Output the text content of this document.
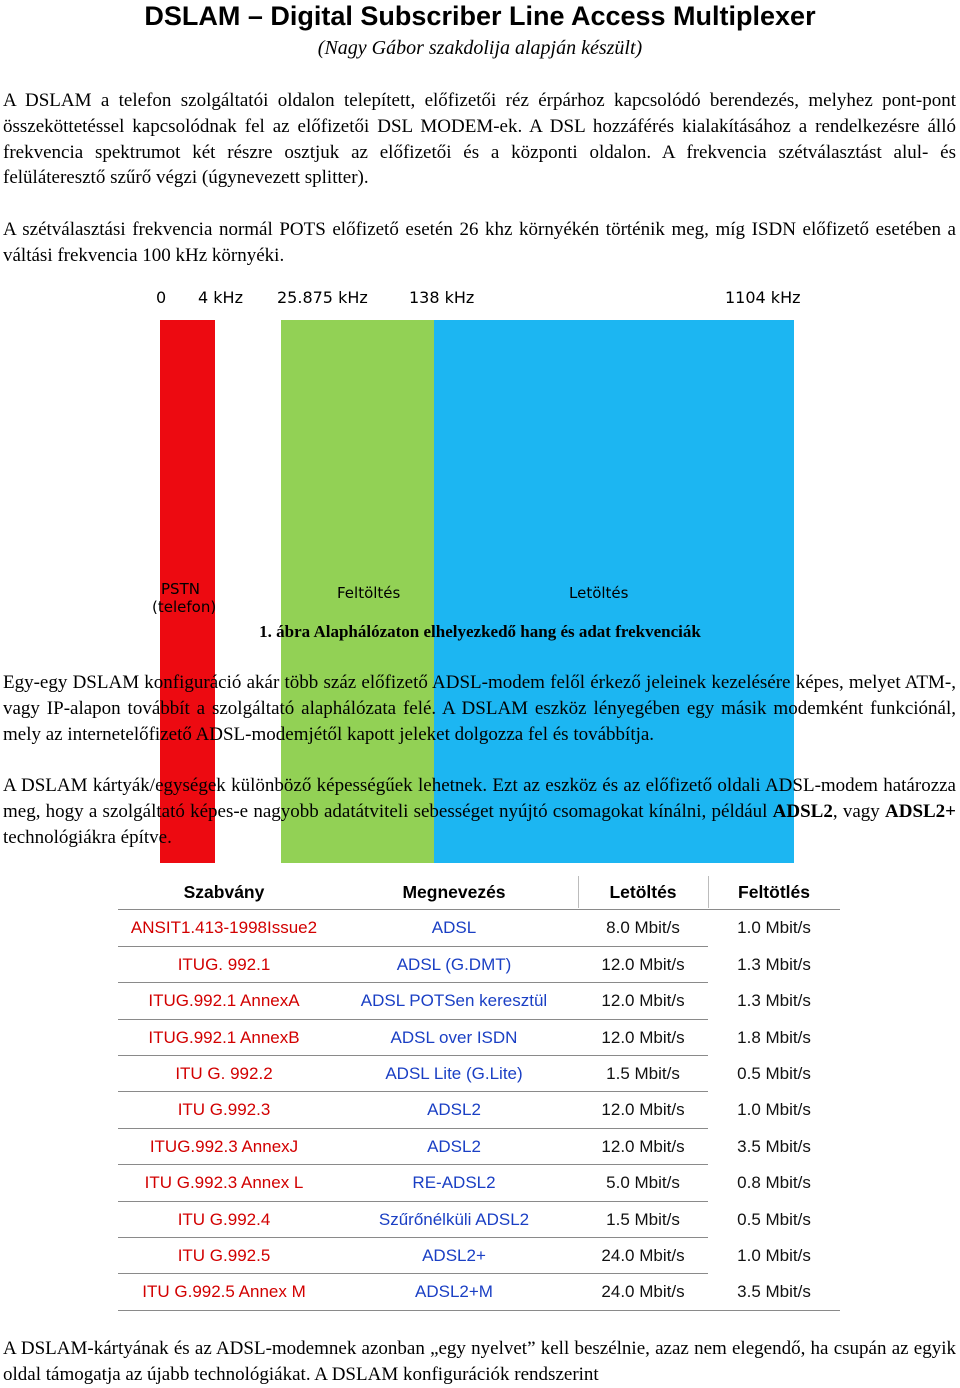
DSLAM – Digital Subscriber Line Access Multiplexer
(Nagy Gábor szakdolija alapján készült)
A DSLAM a telefon szolgáltatói oldalon telepített, előfizetői réz érpárhoz kapcsolódó berendezés, melyhez pont-pont összeköttetéssel kapcsolódnak fel az előfizetői DSL MODEM-ek. A DSL hozzáférés kialakításához a rendelkezésre álló frekvencia spektrumot két részre osztjuk az előfizetői és a központi oldalon. A frekvencia szétválasztást alul- és felüláteresztő szűrő végzi (úgynevezett splitter).
A szétválasztási frekvencia normál POTS előfizető esetén 26 khz környékén történik meg, míg ISDN előfizető esetében a váltási frekvencia 100 kHz környéki.
0 4 kHz 25.875 kHz	138 kHz	1104 kHz
PSTN
(telefon)
Feltöltés	Letöltés
1. ábra Alaphálózaton elhelyezkedő hang és adat frekvenciák
Egy-egy DSLAM konfiguráció akár több száz előfizető ADSL-modem felől érkező jeleinek kezelésére képes, melyet ATM-, vagy IP-alapon továbbít a szolgáltató alaphálózata felé. A DSLAM eszköz lényegében egy másik modemként funkciónál, mely az internetelőfizető ADSL-modemjétől kapott jeleket dolgozza fel és továbbítja.
A DSLAM kártyák/egységek különböző képességűek lehetnek. Ezt az eszköz és az előfizető oldali ADSL-modem határozza meg, hogy a szolgáltató képes-e nagyobb adatátviteli sebességet nyújtó csomagokat kínálni, például ADSL2, vagy ADSL2+ technológiákra építve.
Szabvány	Megnevezés	Letöltés	Feltötlés
ANSIT1.413-1998Issue2	ADSL	8.0 Mbit/s	1.0 Mbit/s
ITUG. 992.1	ADSL (G.DMT)	12.0 Mbit/s	1.3 Mbit/s
ITUG.992.1 AnnexA	ADSL POTSen keresztül	12.0 Mbit/s	1.3 Mbit/s
ITUG.992.1 AnnexB	ADSL over ISDN	12.0 Mbit/s	1.8 Mbit/s
ITU G. 992.2	ADSL Lite (G.Lite)	1.5 Mbit/s	0.5 Mbit/s
ITU G.992.3	ADSL2	12.0 Mbit/s	1.0 Mbit/s
ITUG.992.3 AnnexJ	ADSL2	12.0 Mbit/s	3.5 Mbit/s
ITU G.992.3 Annex L	RE-ADSL2	5.0 Mbit/s	0.8 Mbit/s
ITU G.992.4	Szűrőnélküli ADSL2	1.5 Mbit/s	0.5 Mbit/s
ITU G.992.5	ADSL2+	24.0 Mbit/s	1.0 Mbit/s
ITU G.992.5 Annex M	ADSL2+M	24.0 Mbit/s	3.5 Mbit/s
A DSLAM-kártyának és az ADSL-modemnek azonban „egy nyelvet” kell beszélnie, azaz nem elegendő, ha csupán az egyik oldal támogatja az újabb technológiákat. A DSLAM konfigurációk rendszerint
